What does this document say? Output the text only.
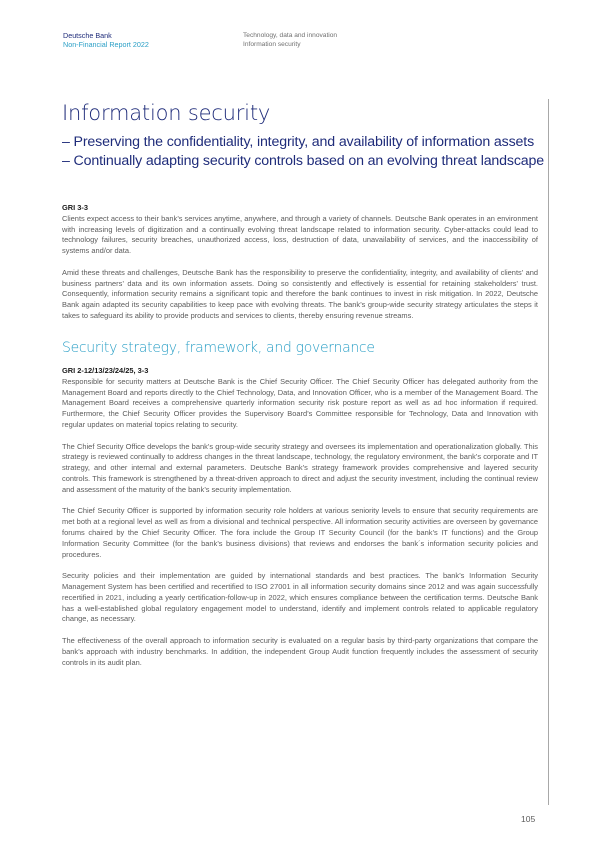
Deutsche Bank
Non-Financial Report 2022
Technology, data and innovation
Information security
Information security
– Preserving the confidentiality, integrity, and availability of information assets
– Continually adapting security controls based on an evolving threat landscape

GRI 3-3

Clients expect access to their bank’s services anytime, anywhere, and through a variety of channels. Deutsche Bank operates in an environment with increasing levels of digitization and a continually evolving threat landscape related to information security. Cyber-attacks could lead to technology failures, security breaches, unauthorized access, loss, destruction of data, unavailability of services, and the inaccessibility of systems and/or data.

Amid these threats and challenges, Deutsche Bank has the responsibility to preserve the confidentiality, integrity, and availability of clients’ and business partners’ data and its own information assets. Doing so consistently and effectively is essential for retaining stakeholders’ trust. Consequently, information security remains a significant topic and therefore the bank continues to invest in risk mitigation. In 2022, Deutsche Bank again adapted its security capabilities to keep pace with evolving threats. The bank’s group-wide security strategy articulates the steps it takes to safeguard its ability to provide products and services to clients, thereby ensuring revenue streams.

Security strategy, framework, and governance

GRI 2-12/13/23/24/25, 3-3

Responsible for security matters at Deutsche Bank is the Chief Security Officer. The Chief Security Officer has delegated authority from the Management Board and reports directly to the Chief Technology, Data, and Innovation Officer, who is a member of the Management Board. The Management Board receives a comprehensive quarterly information security risk posture report as well as ad hoc information if required. Furthermore, the Chief Security Officer provides the Supervisory Board’s Committee responsible for Technology, Data and Innovation with regular updates on material topics relating to security.

The Chief Security Office develops the bank’s group-wide security strategy and oversees its implementation and operationalization globally. This strategy is reviewed continually to address changes in the threat landscape, technology, the regulatory environment, the bank’s corporate and IT strategy, and other internal and external parameters. Deutsche Bank’s strategy framework provides comprehensive and layered security controls. This framework is strengthened by a threat-driven approach to direct and adjust the security investment, including the continual review and assessment of the maturity of the bank’s security implementation.

The Chief Security Officer is supported by information security role holders at various seniority levels to ensure that security requirements are met both at a regional level as well as from a divisional and technical perspective. All information security activities are overseen by governance forums chaired by the Chief Security Officer. The fora include the Group IT Security Council (for the bank’s IT functions) and the Group Information Security Committee (for the bank’s business divisions) that reviews and endorses the bank´s information security policies and procedures.

Security policies and their implementation are guided by international standards and best practices. The bank’s Information Security Management System has been certified and recertified to ISO 27001 in all information security domains since 2012 and was again successfully recertified in 2021, including a yearly certification-follow-up in 2022, which ensures compliance between the certification terms. Deutsche Bank has a well-established global regulatory engagement model to understand, identify and implement controls related to applicable regulatory change, as necessary.

The effectiveness of the overall approach to information security is evaluated on a regular basis by third-party organizations that compare the bank’s approach with industry benchmarks. In addition, the independent Group Audit function frequently includes the assessment of security controls in its audit plan.

105
